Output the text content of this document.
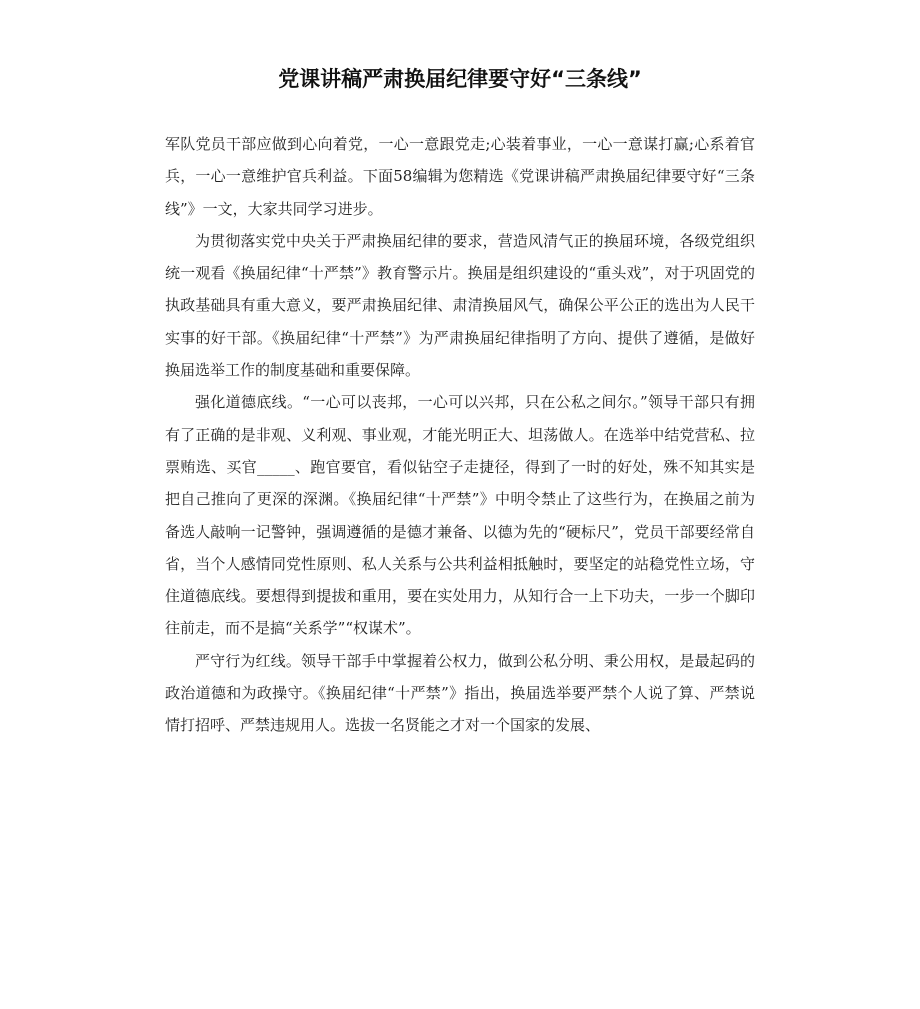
党课讲稿严肃换届纪律要守好“三条线”

军队党员干部应做到心向着党，一心一意跟党走;心装着事业，一心一意谋打赢;心系着官兵，一心一意维护官兵利益。下面58编辑为您精选《党课讲稿严肃换届纪律要守好“三条线”》一文，大家共同学习进步。

为贯彻落实党中央关于严肃换届纪律的要求，营造风清气正的换届环境，各级党组织统一观看《换届纪律“十严禁”》教育警示片。换届是组织建设的“重头戏”，对于巩固党的执政基础具有重大意义，要严肃换届纪律、肃清换届风气，确保公平公正的选出为人民干实事的好干部。《换届纪律“十严禁”》为严肃换届纪律指明了方向、提供了遵循，是做好换届选举工作的制度基础和重要保障。

强化道德底线。“一心可以丧邦，一心可以兴邦，只在公私之间尔。”领导干部只有拥有了正确的是非观、义利观、事业观，才能光明正大、坦荡做人。在选举中结党营私、拉票贿选、买官_____、跑官要官，看似钻空子走捷径，得到了一时的好处，殊不知其实是把自己推向了更深的深渊。《换届纪律“十严禁”》中明令禁止了这些行为，在换届之前为备选人敲响一记警钟，强调遵循的是德才兼备、以德为先的“硬标尺”，党员干部要经常自省，当个人感情同党性原则、私人关系与公共利益相抵触时，要坚定的站稳党性立场，守住道德底线。要想得到提拔和重用，要在实处用力，从知行合一上下功夫，一步一个脚印往前走，而不是搞“关系学”“权谋术”。

严守行为红线。领导干部手中掌握着公权力，做到公私分明、秉公用权，是最起码的政治道德和为政操守。《换届纪律“十严禁”》指出，换届选举要严禁个人说了算、严禁说情打招呼、严禁违规用人。选拔一名贤能之才对一个国家的发展、
